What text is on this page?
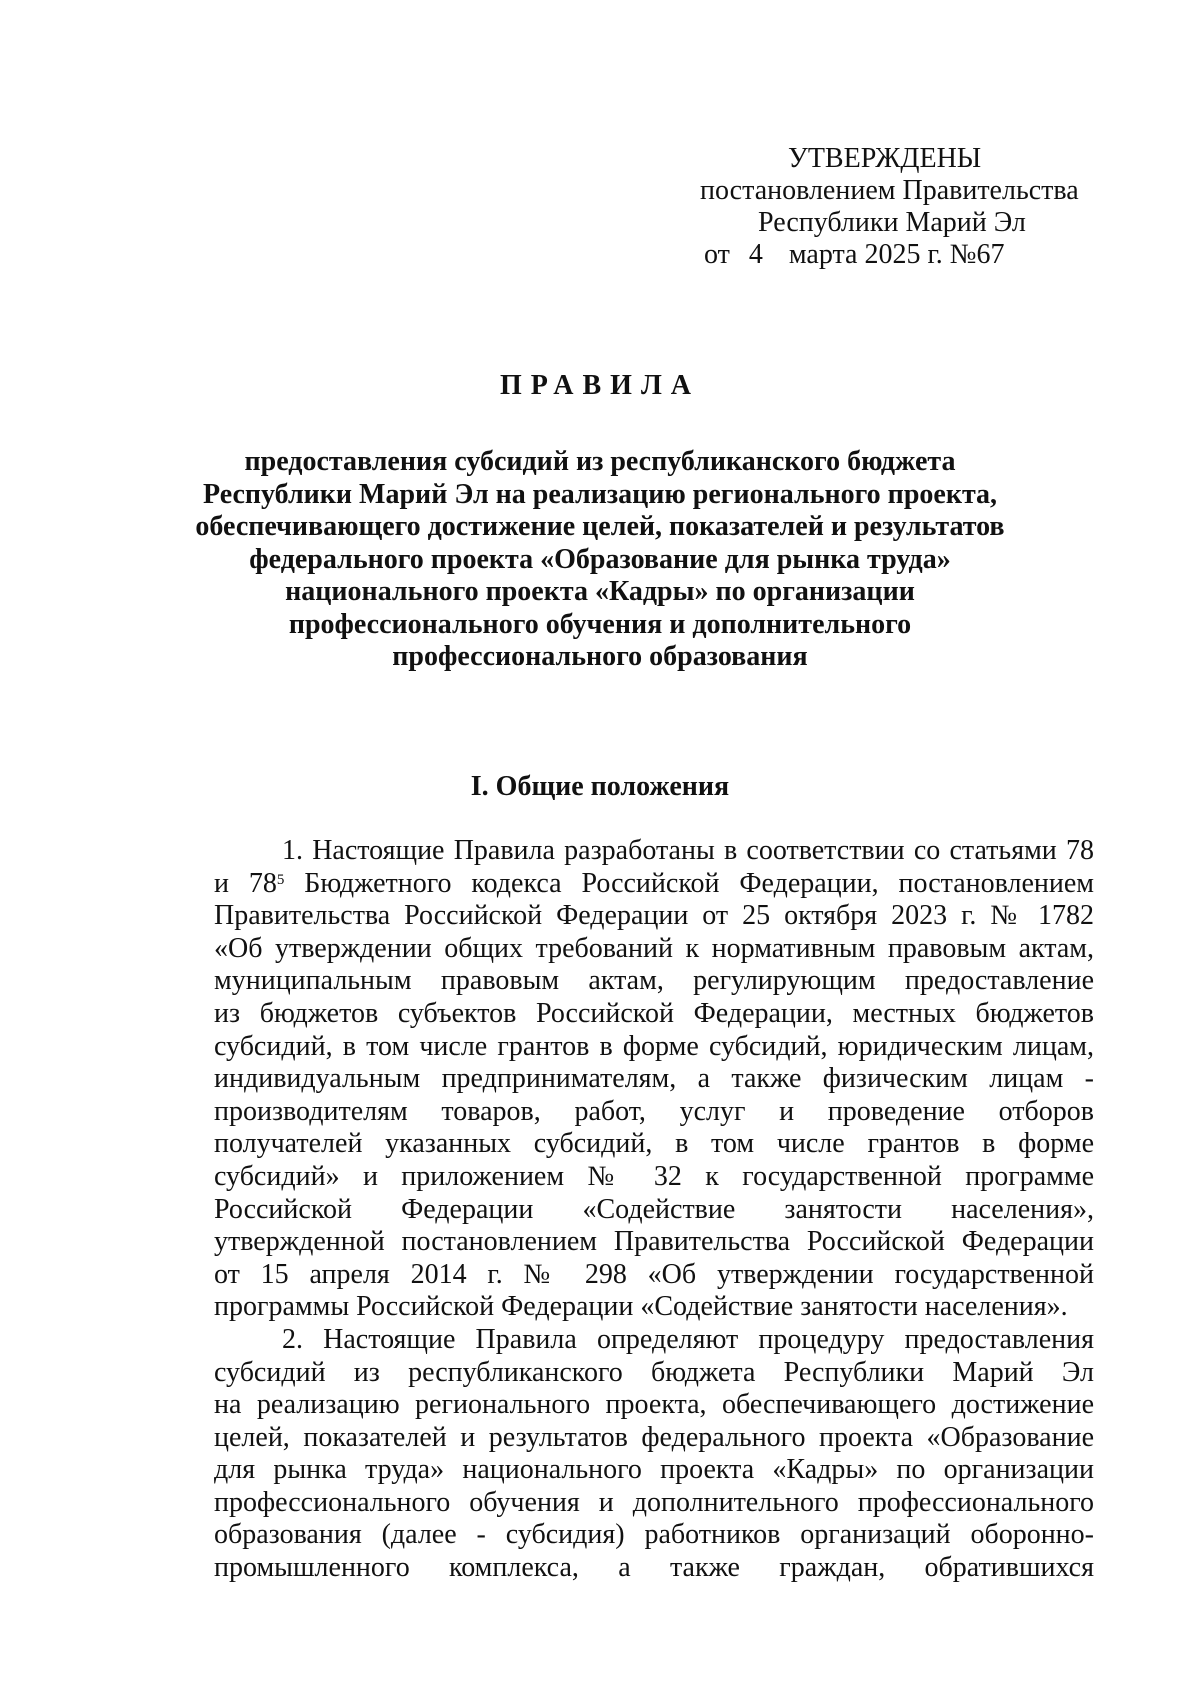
УТВЕРЖДЕНЫ
постановлением Правительства
Республики Марий Эл
от 4 марта 2025 г. №67
ПРАВИЛА
предоставления субсидий из республиканского бюджета
Республики Марий Эл на реализацию регионального проекта,
обеспечивающего достижение целей, показателей и результатов
федерального проекта «Образование для рынка труда»
национального проекта «Кадры» по организации
профессионального обучения и дополнительного
профессионального образования
I. Общие положения
1. Настоящие Правила разработаны в соответствии со статьями 78
и 78$^5$ Бюджетного кодекса Российской Федерации, постановлением
Правительства Российской Федерации от 25 октября 2023 г. № 1782
«Об утверждении общих требований к нормативным правовым актам,
муниципальным правовым актам, регулирующим предоставление
из бюджетов субъектов Российской Федерации, местных бюджетов
субсидий, в том числе грантов в форме субсидий, юридическим лицам,
индивидуальным предпринимателям, а также физическим лицам -
производителям товаров, работ, услуг и проведение отборов
получателей указанных субсидий, в том числе грантов в форме
субсидий» и приложением № 32 к государственной программе
Российской Федерации «Содействие занятости населения»,
утвержденной постановлением Правительства Российской Федерации
от 15 апреля 2014 г. № 298 «Об утверждении государственной
программы Российской Федерации «Содействие занятости населения».
2. Настоящие Правила определяют процедуру предоставления
субсидий из республиканского бюджета Республики Марий Эл
на реализацию регионального проекта, обеспечивающего достижение
целей, показателей и результатов федерального проекта «Образование
для рынка труда» национального проекта «Кадры» по организации
профессионального обучения и дополнительного профессионального
образования (далее - субсидия) работников организаций оборонно-
промышленного комплекса, а также граждан, обратившихся
